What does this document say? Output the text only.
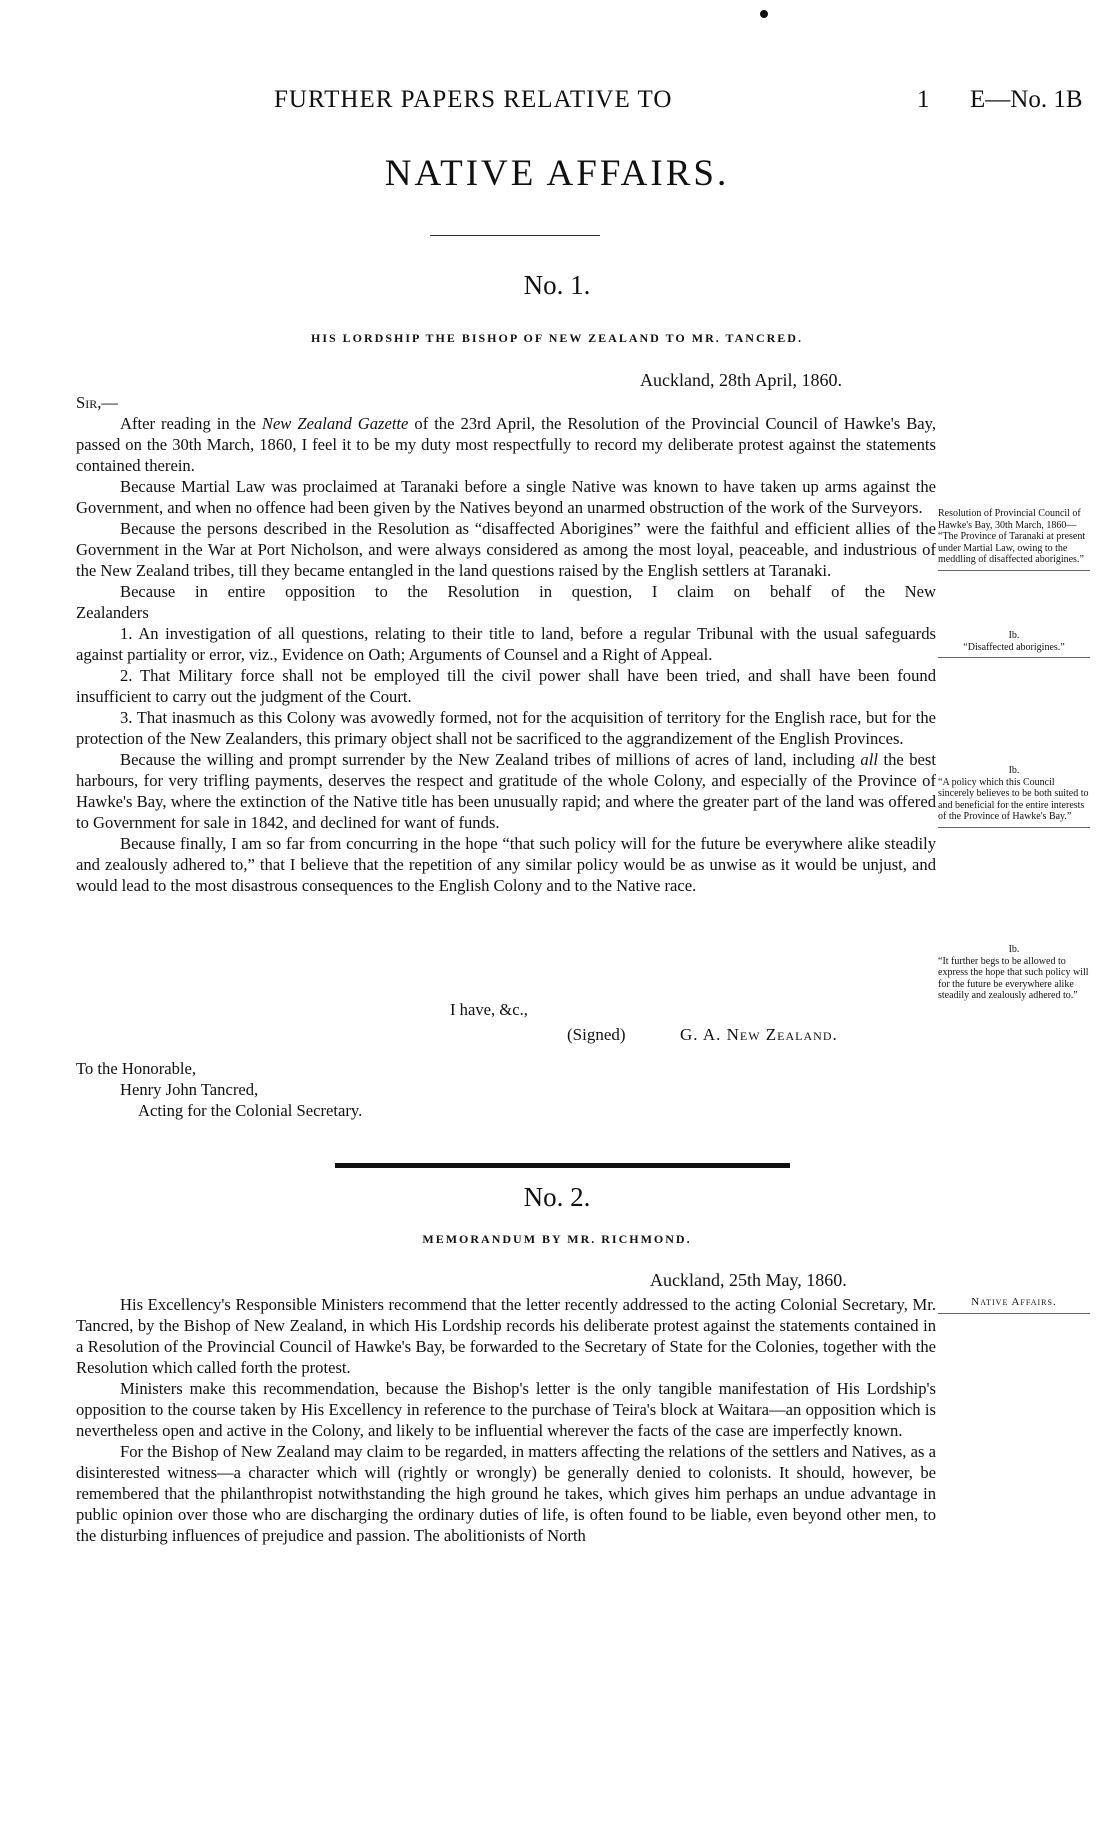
FURTHER PAPERS RELATIVE TO	1 E—No. 1B
NATIVE AFFAIRS.
No. 1.
HIS LORDSHIP THE BISHOP OF NEW ZEALAND TO MR. TANCRED.
Auckland, 28th April, 1860.

Sir,—

After reading in the New Zealand Gazette of the 23rd April, the Resolution of the Provincial Council of Hawke's Bay, passed on the 30th March, 1860, I feel it to be my duty most respectfully to record my deliberate protest against the statements contained therein.

Because Martial Law was proclaimed at Taranaki before a single Native was known to have taken up arms against the Government, and when no offence had been given by the Natives beyond an unarmed obstruction of the work of the Surveyors.

Because the persons described in the Resolution as “disaffected Aborigines” were the faithful and efficient allies of the Government in the War at Port Nicholson, and were always considered as among the most loyal, peaceable, and industrious of the New Zealand tribes, till they became entangled in the land questions raised by the English settlers at Taranaki.

Because in entire opposition to the Resolution in question, I claim on behalf of the New

Zealanders

1. An investigation of all questions, relating to their title to land, before a regular Tribunal with the usual safeguards against partiality or error, viz., Evidence on Oath; Arguments of Counsel and a Right of Appeal.

2. That Military force shall not be employed till the civil power shall have been tried, and shall have been found insufficient to carry out the judgment of the Court.

3. That inasmuch as this Colony was avowedly formed, not for the acquisition of territory for the English race, but for the protection of the New Zealanders, this primary object shall not be sacrificed to the aggrandizement of the English Provinces.

Because the willing and prompt surrender by the New Zealand tribes of millions of acres of land, including all the best harbours, for very trifling payments, deserves the respect and gratitude of the whole Colony, and especially of the Province of Hawke's Bay, where the extinction of the Native title has been unusually rapid; and where the greater part of the land was offered to Government for sale in 1842, and declined for want of funds.

Because finally, I am so far from concurring in the hope “that such policy will for the future be everywhere alike steadily and zealously adhered to,” that I believe that the repetition of any similar policy would be as unwise as it would be unjust, and would lead to the most disastrous consequences to the English Colony and to the Native race.

I have, &c.,
(Signed)	G. A. New Zealand.
To the Honorable,
Henry John Tancred,
Acting for the Colonial Secretary.
No. 2.
MEMORANDUM BY MR. RICHMOND.
Auckland, 25th May, 1860.

His Excellency's Responsible Ministers recommend that the letter recently addressed to the acting Colonial Secretary, Mr. Tancred, by the Bishop of New Zealand, in which His Lordship records his deliberate protest against the statements contained in a Resolution of the Provincial Council of Hawke's Bay, be forwarded to the Secretary of State for the Colonies, together with the Resolution which called forth the protest.

Ministers make this recommendation, because the Bishop's letter is the only tangible manifestation of His Lordship's opposition to the course taken by His Excellency in reference to the purchase of Teira's block at Waitara—an opposition which is nevertheless open and active in the Colony, and likely to be influential wherever the facts of the case are imperfectly known.

For the Bishop of New Zealand may claim to be regarded, in matters affecting the relations of the settlers and Natives, as a disinterested witness—a character which will (rightly or wrongly) be generally denied to colonists. It should, however, be remembered that the philanthropist notwithstanding the high ground he takes, which gives him perhaps an undue advantage in public opinion over those who are discharging the ordinary duties of life, is often found to be liable, even beyond other men, to the disturbing influences of prejudice and passion. The abolitionists of North

Resolution of Provincial Council of Hawke's Bay, 30th March, 1860— “The Province of Taranaki at present under Martial Law, owing to the meddling of disaffected aborigines.”
Ib.
“Disaffected aborigines.”
Ib.
“A policy which this Council sincerely believes to be both suited to and beneficial for the entire interests of the Province of Hawke's Bay.”
Ib.
“It further begs to be allowed to express the hope that such policy will for the future be everywhere alike steadily and zealously adhered to.”
Native Affairs.
